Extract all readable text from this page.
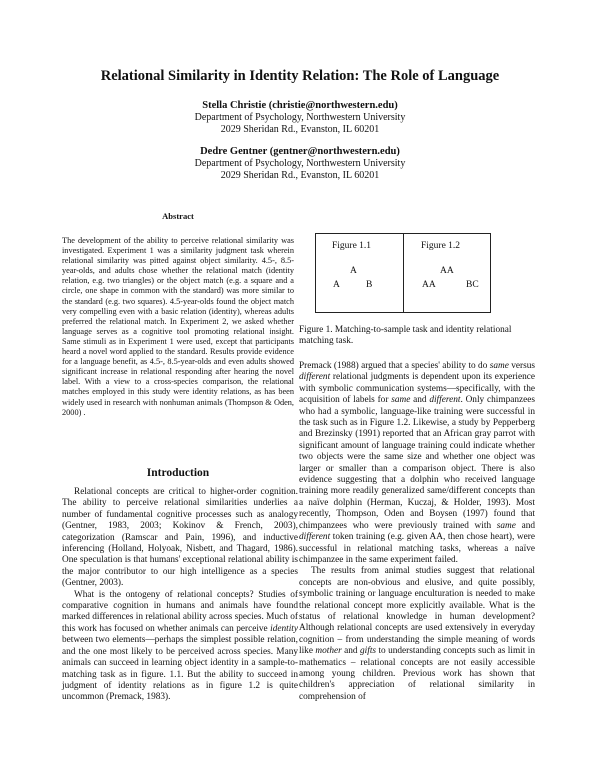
Relational Similarity in Identity Relation: The Role of Language
Stella Christie (christie@northwestern.edu)
Department of Psychology, Northwestern University
2029 Sheridan Rd., Evanston, IL 60201
Dedre Gentner (gentner@northwestern.edu)
Department of Psychology, Northwestern University
2029 Sheridan Rd., Evanston, IL 60201
Abstract
The development of the ability to perceive relational similarity was investigated. Experiment 1 was a similarity judgment task wherein relational similarity was pitted against object similarity. 4.5-, 8.5-year-olds, and adults chose whether the relational match (identity relation, e.g. two triangles) or the object match (e.g. a square and a circle, one shape in common with the standard) was more similar to the standard (e.g. two squares). 4.5-year-olds found the object match very compelling even with a basic relation (identity), whereas adults preferred the relational match. In Experiment 2, we asked whether language serves as a cognitive tool promoting relational insight. Same stimuli as in Experiment 1 were used, except that participants heard a novel word applied to the standard. Results provide evidence for a language benefit, as 4.5-, 8.5-year-olds and even adults showed significant increase in relational responding after hearing the novel label. With a view to a cross-species comparison, the relational matches employed in this study were identity relations, as has been widely used in research with nonhuman animals (Thompson & Oden, 2000) .
Introduction

Relational concepts are critical to higher-order cognition. The ability to perceive relational similarities underlies a number of fundamental cognitive processes such as analogy (Gentner, 1983, 2003; Kokinov & French, 2003), categorization (Ramscar and Pain, 1996), and inductive inferencing (Holland, Holyoak, Nisbett, and Thagard, 1986). One speculation is that humans' exceptional relational ability is the major contributor to our high intelligence as a species (Gentner, 2003).

What is the ontogeny of relational concepts? Studies of comparative cognition in humans and animals have found marked differences in relational ability across species. Much of this work has focused on whether animals can perceive identity between two elements—perhaps the simplest possible relation, and the one most likely to be perceived across species. Many animals can succeed in learning object identity in a sample-to-matching task as in figure. 1.1. But the ability to succeed in judgment of identity relations as in figure 1.2 is quite uncommon (Premack, 1983).

Figure 1.1
A
A	B
Figure 1.2
AA
AA	BC
Figure 1. Matching-to-sample task and identity relational matching task.

Premack (1988) argued that a species' ability to do same versus different relational judgments is dependent upon its experience with symbolic communication systems—specifically, with the acquisition of labels for same and different. Only chimpanzees who had a symbolic, language-like training were successful in the task such as in Figure 1.2. Likewise, a study by Pepperberg and Brezinsky (1991) reported that an African gray parrot with significant amount of language training could indicate whether two objects were the same size and whether one object was larger or smaller than a comparison object. There is also evidence suggesting that a dolphin who received language training more readily generalized same/different concepts than a naïve dolphin (Herman, Kuczaj, & Holder, 1993). Most recently, Thompson, Oden and Boysen (1997) found that chimpanzees who were previously trained with same and different token training (e.g. given AA, then chose heart), were successful in relational matching tasks, whereas a naïve chimpanzee in the same experiment failed.

The results from animal studies suggest that relational concepts are non-obvious and elusive, and quite possibly, symbolic training or language enculturation is needed to make the relational concept more explicitly available. What is the status of relational knowledge in human development? Although relational concepts are used extensively in everyday cognition – from understanding the simple meaning of words like mother and gifts to understanding concepts such as limit in mathematics – relational concepts are not easily accessible among young children. Previous work has shown that children's appreciation of relational similarity in comprehension of
